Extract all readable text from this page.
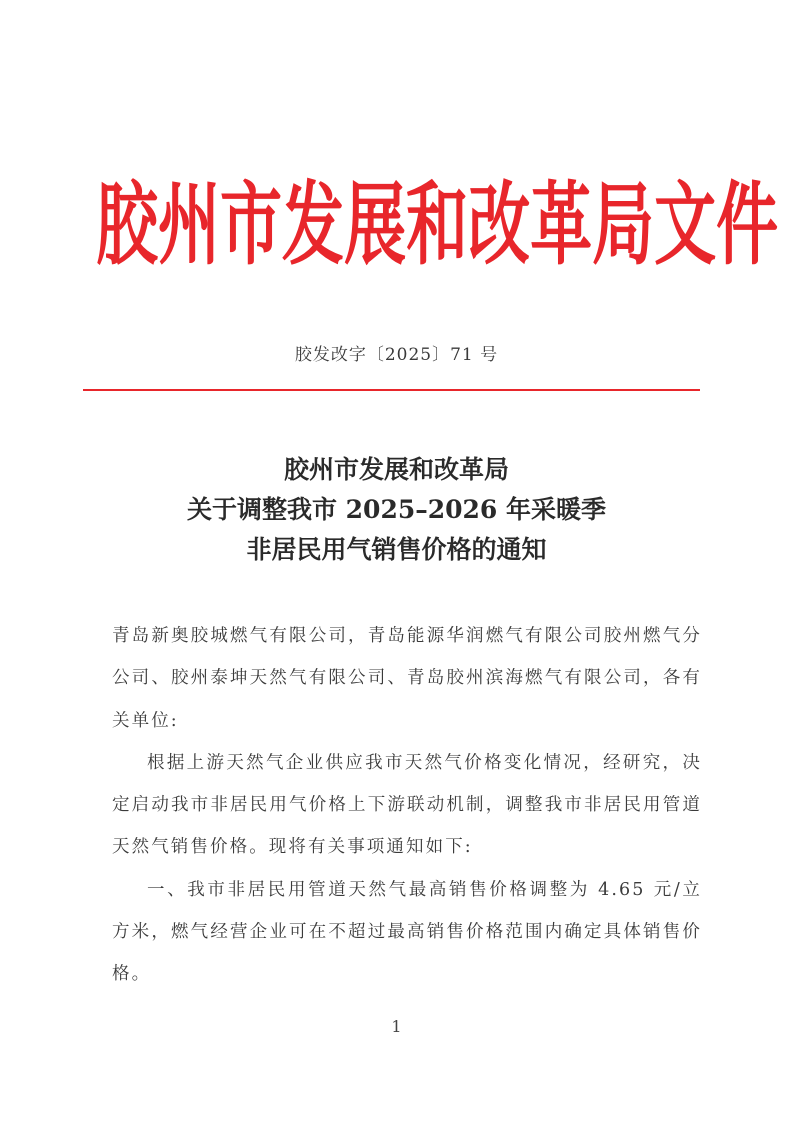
胶 州 市 发 展 和 改 革 局 文 件
胶发改字〔2025〕71 号
胶州市发展和改革局
关于调整我市 2025–2026 年采暖季
非居民用气销售价格的通知

青岛新奥胶城燃气有限公司，青岛能源华润燃气有限公司胶州燃气分公司、胶州泰坤天然气有限公司、青岛胶州滨海燃气有限公司，各有关单位:

根据上游天然气企业供应我市天然气价格变化情况，经研究，决定启动我市非居民用气价格上下游联动机制，调整我市非居民用管道天然气销售价格。现将有关事项通知如下:

一、我市非居民用管道天然气最高销售价格调整为 4.65 元/立方米，燃气经营企业可在不超过最高销售价格范围内确定具体销售价格。

1
